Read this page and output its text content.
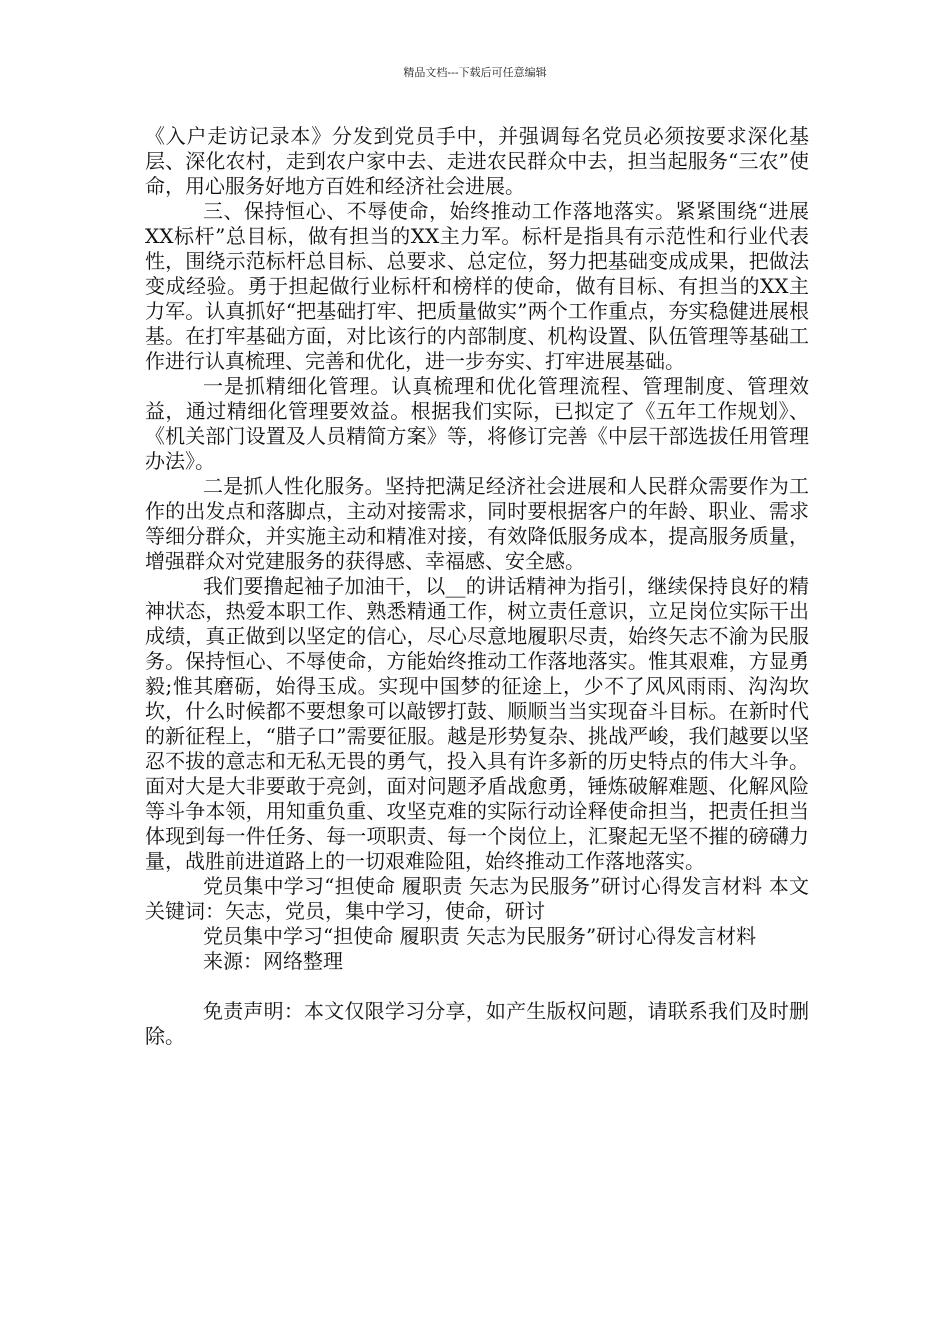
精品文档---下载后可任意编辑

《入户走访记录本》分发到党员手中，并强调每名党员必须按要求深化基层、深化农村，走到农户家中去、走进农民群众中去，担当起服务“三农”使命，用心服务好地方百姓和经济社会进展。

三、保持恒心、不辱使命，始终推动工作落地落实。紧紧围绕“进展XX标杆”总目标，做有担当的XX主力军。标杆是指具有示范性和行业代表性，围绕示范标杆总目标、总要求、总定位，努力把基础变成成果，把做法变成经验。勇于担起做行业标杆和榜样的使命，做有目标、有担当的XX主力军。认真抓好“把基础打牢、把质量做实”两个工作重点，夯实稳健进展根基。在打牢基础方面，对比该行的内部制度、机构设置、队伍管理等基础工作进行认真梳理、完善和优化，进一步夯实、打牢进展基础。

一是抓精细化管理。认真梳理和优化管理流程、管理制度、管理效益，通过精细化管理要效益。根据我们实际，已拟定了《五年工作规划》、《机关部门设置及人员精简方案》等，将修订完善《中层干部选拔任用管理办法》。

二是抓人性化服务。坚持把满足经济社会进展和人民群众需要作为工作的出发点和落脚点，主动对接需求，同时要根据客户的年龄、职业、需求等细分群众，并实施主动和精准对接，有效降低服务成本，提高服务质量，增强群众对党建服务的获得感、幸福感、安全感。

我们要撸起袖子加油干，以__的讲话精神为指引，继续保持良好的精神状态，热爱本职工作、熟悉精通工作，树立责任意识，立足岗位实际干出成绩，真正做到以坚定的信心，尽心尽意地履职尽责，始终矢志不渝为民服务。保持恒心、不辱使命，方能始终推动工作落地落实。惟其艰难，方显勇毅;惟其磨砺，始得玉成。实现中国梦的征途上，少不了风风雨雨、沟沟坎坎，什么时候都不要想象可以敲锣打鼓、顺顺当当实现奋斗目标。在新时代的新征程上，“腊子口”需要征服。越是形势复杂、挑战严峻，我们越要以坚忍不拔的意志和无私无畏的勇气，投入具有许多新的历史特点的伟大斗争。面对大是大非要敢于亮剑，面对问题矛盾战愈勇，锤炼破解难题、化解风险等斗争本领，用知重负重、攻坚克难的实际行动诠释使命担当，把责任担当体现到每一件任务、每一项职责、每一个岗位上，汇聚起无坚不摧的磅礴力量，战胜前进道路上的一切艰难险阻，始终推动工作落地落实。

党员集中学习“担使命 履职责 矢志为民服务”研讨心得发言材料 本文关键词：矢志，党员，集中学习，使命，研讨

党员集中学习“担使命 履职责 矢志为民服务”研讨心得发言材料

来源：网络整理

免责声明：本文仅限学习分享，如产生版权问题，请联系我们及时删除。
